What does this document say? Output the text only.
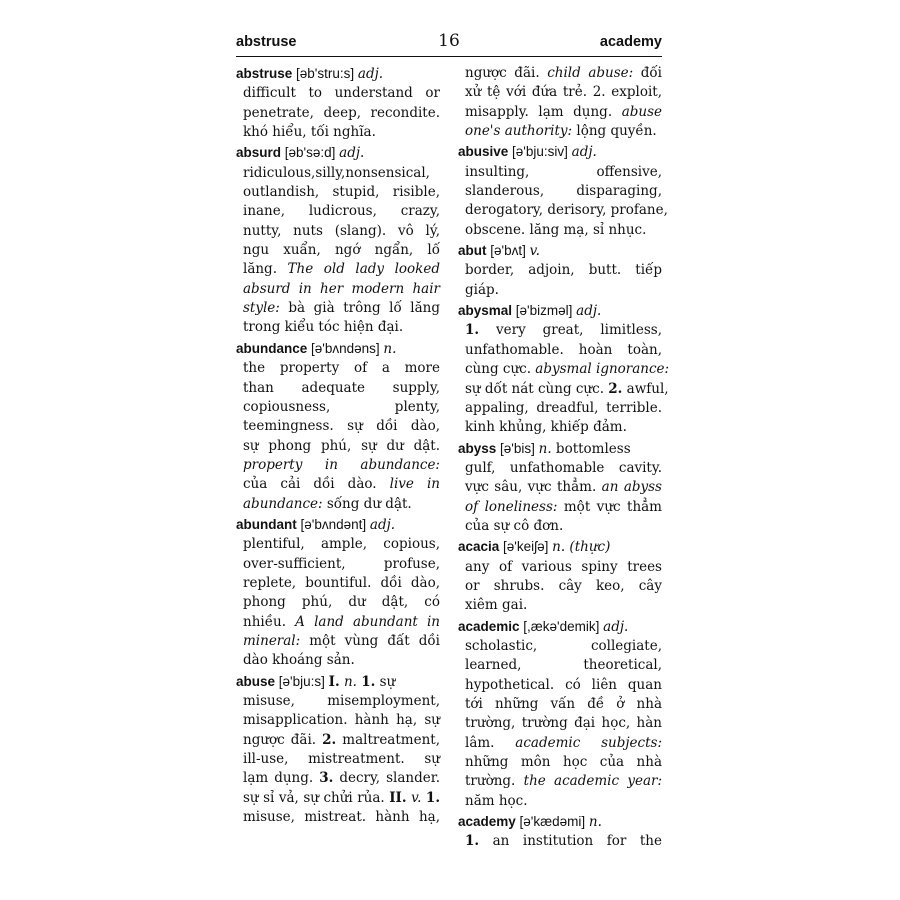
abstruse	16	academy
abstruse [əb'stru:s] adj.
difficult to understand or
penetrate, deep, recondite.
khó hiểu, tối nghĩa.
absurd [əb'sə:d] adj.
ridiculous,silly,nonsensical,
outlandish, stupid, risible,
inane, ludicrous, crazy,
nutty, nuts (slang). vô lý,
ngu xuẩn, ngớ ngẩn, lố
lăng. The old lady looked
absurd in her modern hair
style: bà già trông lố lăng
trong kiểu tóc hiện đại.
abundance [ə'bʌndəns] n.
the property of a more
than adequate supply,
copiousness, plenty,
teemingness. sự dồi dào,
sự phong phú, sự dư dật.
property in abundance:
của cải dồi dào. live in
abundance: sống dư dật.
abundant [ə'bʌndənt] adj.
plentiful, ample, copious,
over-sufficient, profuse,
replete, bountiful. dồi dào,
phong phú, dư dật, có
nhiều. A land abundant in
mineral: một vùng đất dồi
dào khoáng sản.
abuse [ə'bju:s] I. n. 1. sự
misuse, misemployment,
misapplication. hành hạ, sự
ngược đãi. 2. maltreatment,
ill-use, mistreatment. sự
lạm dụng. 3. decry, slander.
sự sỉ vả, sự chửi rủa. II. v. 1.
misuse, mistreat. hành hạ,
ngược đãi. child abuse: đối
xử tệ với đứa trẻ. 2. exploit,
misapply. lạm dụng. abuse
one's authority: lộng quyền.
abusive [ə'bju:siv] adj.
insulting, offensive,
slanderous, disparaging,
derogatory, derisory, profane,
obscene. lăng mạ, sỉ nhục.
abut [ə'bʌt] v.
border, adjoin, butt. tiếp
giáp.
abysmal [ə'bizməl] adj.
1. very great, limitless,
unfathomable. hoàn toàn,
cùng cực. abysmal ignorance:
sự dốt nát cùng cực. 2. awful,
appaling, dreadful, terrible.
kinh khủng, khiếp đảm.
abyss [ə'bis] n. bottomless
gulf, unfathomable cavity.
vực sâu, vực thẳm. an abyss
of loneliness: một vực thẳm
của sự cô đơn.
acacia [ə'keiʃə] n. (thực)
any of various spiny trees
or shrubs. cây keo, cây
xiêm gai.
academic [,ækə'demik] adj.
scholastic, collegiate,
learned, theoretical,
hypothetical. có liên quan
tới những vấn đề ở nhà
trường, trường đại học, hàn
lâm. academic subjects:
những môn học của nhà
trường. the academic year:
năm học.
academy [ə'kædəmi] n.
1. an institution for the
